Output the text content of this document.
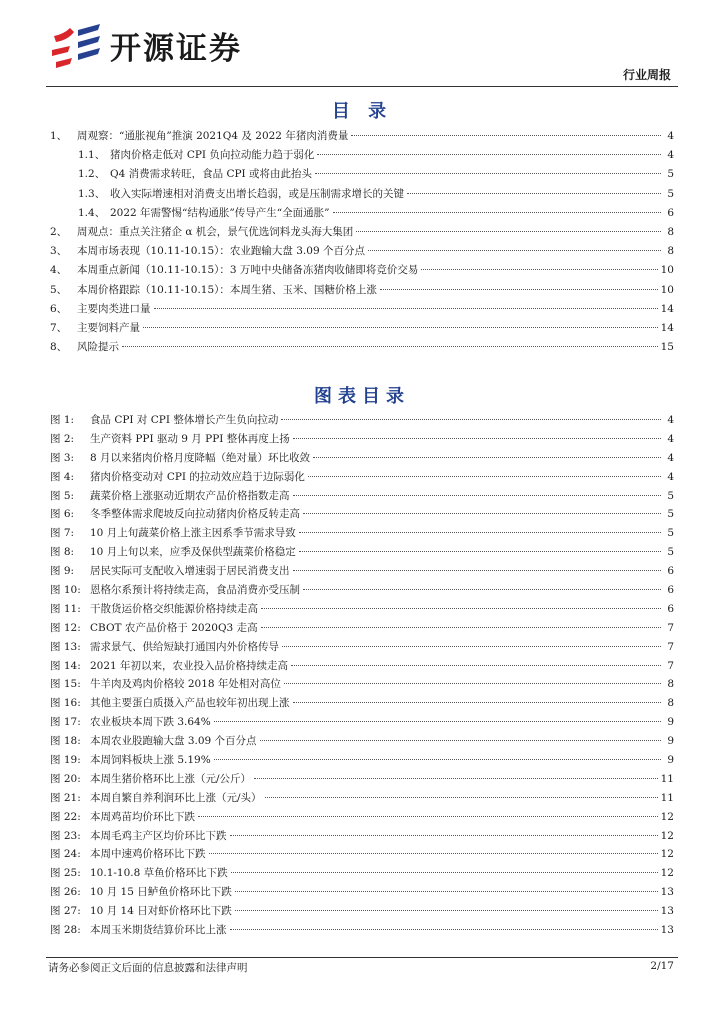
开源证券
行业周报
目 录
1、 周观察：“通胀视角”推演 2021Q4 及 2022 年猪肉消费量	4
1.1、 猪肉价格走低对 CPI 负向拉动能力趋于弱化	4
1.2、 Q4 消费需求转旺，食品 CPI 或将由此抬头	5
1.3、 收入实际增速相对消费支出增长趋弱，或是压制需求增长的关键	5
1.4、 2022 年需警惕“结构通胀”传导产生“全面通胀”	6
2、 周观点：重点关注猪企 α 机会，景气优选饲料龙头海大集团	8
3、 本周市场表现（10.11-10.15）：农业跑输大盘 3.09 个百分点	8
4、 本周重点新闻（10.11-10.15）：3 万吨中央储备冻猪肉收储即将竞价交易	10
5、 本周价格跟踪（10.11-10.15）：本周生猪、玉米、国糖价格上涨	10
6、 主要肉类进口量	14
7、 主要饲料产量	14
8、 风险提示	15
图表目录
图 1:	食品 CPI 对 CPI 整体增长产生负向拉动	4
图 2:	生产资料 PPI 驱动 9 月 PPI 整体再度上扬	4
图 3:	8 月以来猪肉价格月度降幅（绝对量）环比收敛	4
图 4:	猪肉价格变动对 CPI 的拉动效应趋于边际弱化	4
图 5:	蔬菜价格上涨驱动近期农产品价格指数走高	5
图 6:	冬季整体需求爬坡反向拉动猪肉价格反转走高	5
图 7:	10 月上旬蔬菜价格上涨主因系季节需求导致	5
图 8:	10 月上旬以来，应季及保供型蔬菜价格稳定	5
图 9:	居民实际可支配收入增速弱于居民消费支出	6
图 10: 恩格尔系预计将持续走高，食品消费亦受压制	6
图 11: 干散货运价格交织能源价格持续走高	6
图 12: CBOT 农产品价格于 2020Q3 走高	7
图 13: 需求景气、供给短缺打通国内外价格传导	7
图 14: 2021 年初以来，农业投入品价格持续走高	7
图 15: 牛羊肉及鸡肉价格较 2018 年处相对高位	8
图 16: 其他主要蛋白质摄入产品也较年初出现上涨	8
图 17: 农业板块本周下跌 3.64%	9
图 18: 本周农业股跑输大盘 3.09 个百分点	9
图 19: 本周饲料板块上涨 5.19%	9
图 20: 本周生猪价格环比上涨（元/公斤）	11
图 21: 本周自繁自养利润环比上涨（元/头）	11
图 22: 本周鸡苗均价环比下跌	12
图 23: 本周毛鸡主产区均价环比下跌	12
图 24: 本周中速鸡价格环比下跌	12
图 25: 10.1-10.8 草鱼价格环比下跌	12
图 26: 10 月 15 日鲈鱼价格环比下跌	13
图 27: 10 月 14 日对虾价格环比下跌	13
图 28: 本周玉米期货结算价环比上涨	13
请务必参阅正文后面的信息披露和法律声明	2/17
